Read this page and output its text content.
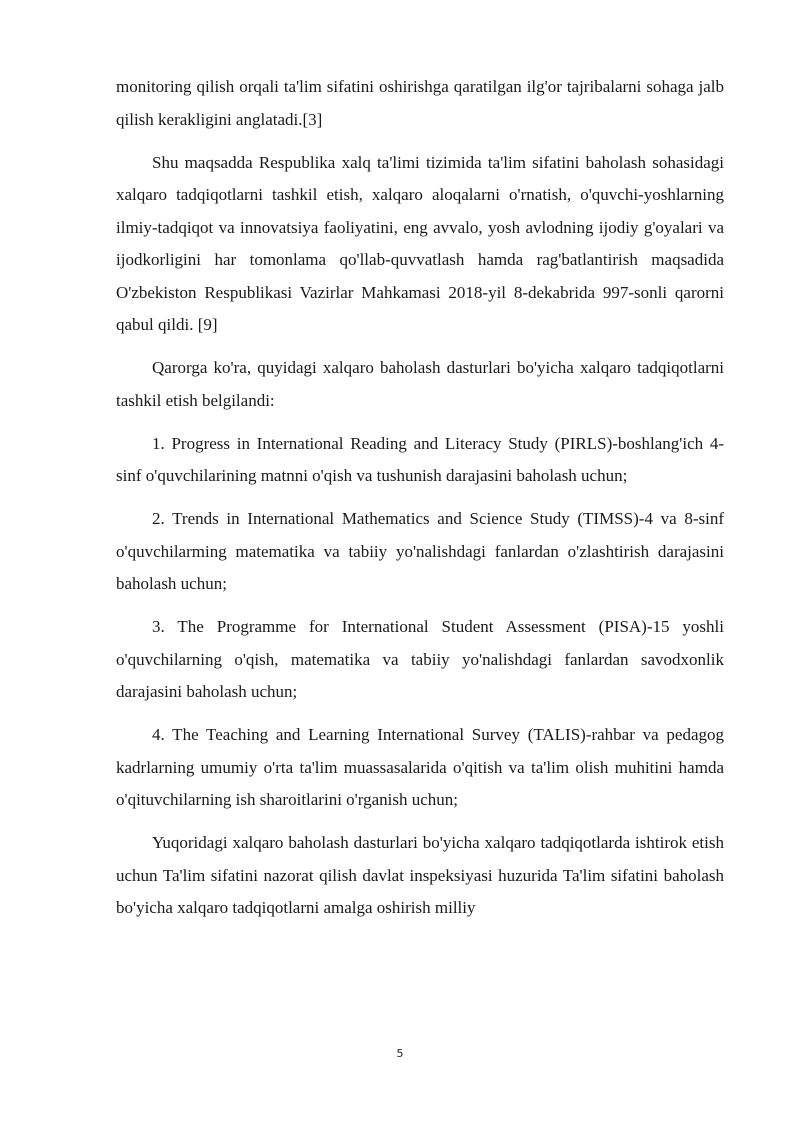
monitoring qilish orqali ta'lim sifatini oshirishga qaratilgan ilg'or tajribalarni sohaga jalb qilish kerakligini anglatadi.[3]

Shu maqsadda Respublika xalq ta'limi tizimida ta'lim sifatini baholash sohasidagi xalqaro tadqiqotlarni tashkil etish, xalqaro aloqalarni o'rnatish, o'quvchi-yoshlarning ilmiy-tadqiqot va innovatsiya faoliyatini, eng avvalo, yosh avlodning ijodiy g'oyalari va ijodkorligini har tomonlama qo'llab-quvvatlash hamda rag'batlantirish maqsadida O'zbekiston Respublikasi Vazirlar Mahkamasi 2018-yil 8-dekabrida 997-sonli qarorni qabul qildi. [9]

Qarorga ko'ra, quyidagi xalqaro baholash dasturlari bo'yicha xalqaro tadqiqotlarni tashkil etish belgilandi:

1. Progress in International Reading and Literacy Study (PIRLS)-boshlang'ich 4-sinf o'quvchilarining matnni o'qish va tushunish darajasini baholash uchun;

2. Trends in International Mathematics and Science Study (TIMSS)-4 va 8-sinf o'quvchilarming matematika va tabiiy yo'nalishdagi fanlardan o'zlashtirish darajasini baholash uchun;

3. The Programme for International Student Assessment (PISA)-15 yoshli o'quvchilarning o'qish, matematika va tabiiy yo'nalishdagi fanlardan savodxonlik darajasini baholash uchun;

4. The Teaching and Learning International Survey (TALIS)-rahbar va pedagog kadrlarning umumiy o'rta ta'lim muassasalarida o'qitish va ta'lim olish muhitini hamda o'qituvchilarning ish sharoitlarini o'rganish uchun;

Yuqoridagi xalqaro baholash dasturlari bo'yicha xalqaro tadqiqotlarda ishtirok etish uchun Ta'lim sifatini nazorat qilish davlat inspeksiyasi huzurida Ta'lim sifatini baholash bo'yicha xalqaro tadqiqotlarni amalga oshirish milliy

5
